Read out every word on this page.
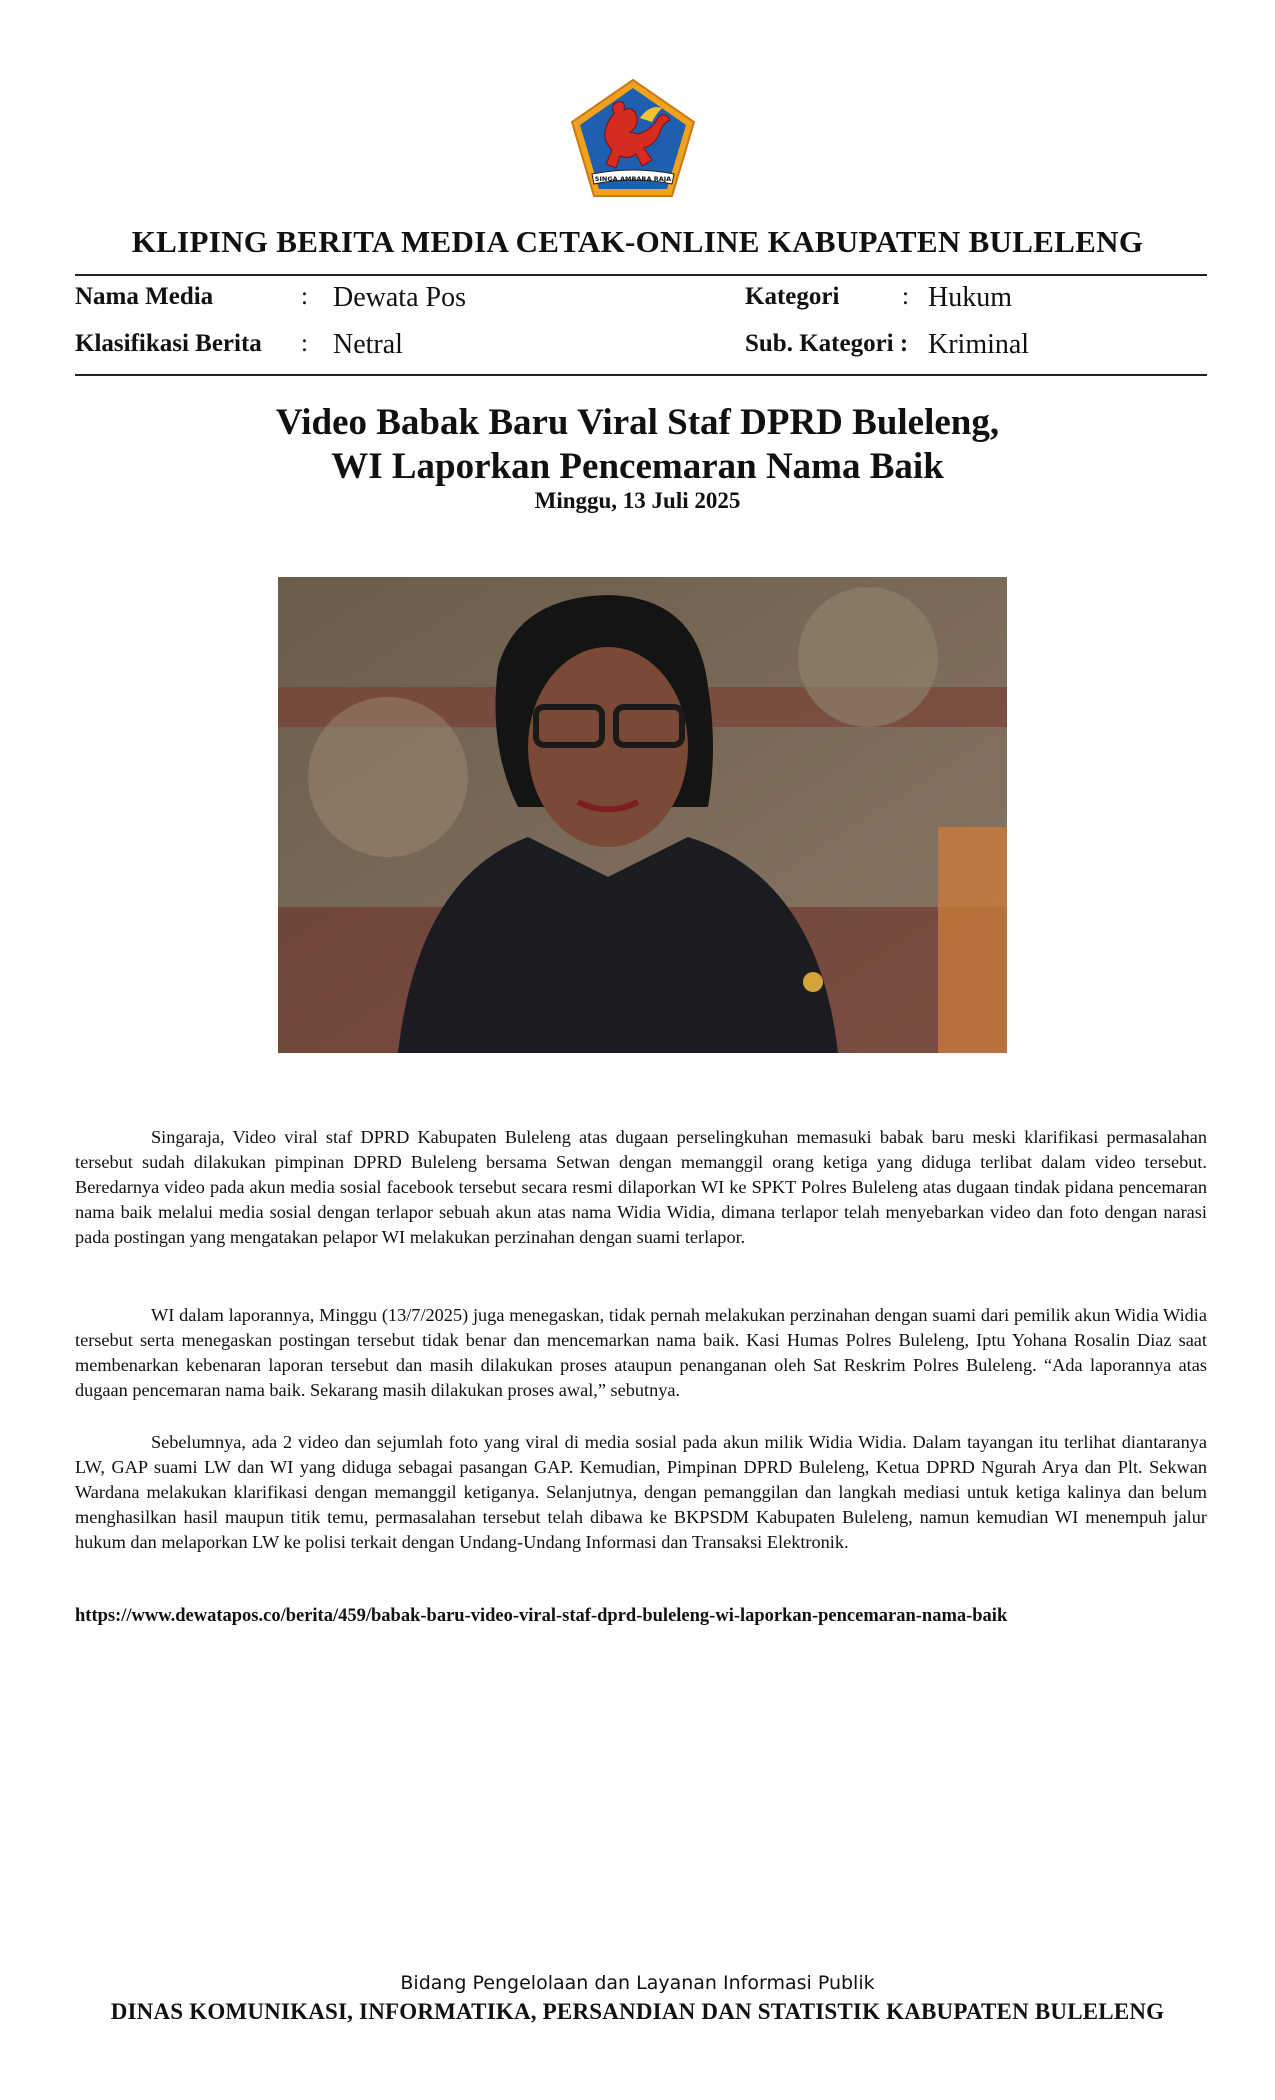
SINGA AMBARA RAJA
KLIPING BERITA MEDIA CETAK-ONLINE KABUPATEN BULELENG
Nama Media	: Dewata Pos	Kategori	: Hukum
Klasifikasi Berita : Netral	Sub. Kategori : Kriminal
Video Babak Baru Viral Staf DPRD Buleleng,
WI Laporkan Pencemaran Nama Baik
Minggu, 13 Juli 2025

Singaraja, Video viral staf DPRD Kabupaten Buleleng atas dugaan perselingkuhan memasuki babak baru meski klarifikasi permasalahan tersebut sudah dilakukan pimpinan DPRD Buleleng bersama Setwan dengan memanggil orang ketiga yang diduga terlibat dalam video tersebut. Beredarnya video pada akun media sosial facebook tersebut secara resmi dilaporkan WI ke SPKT Polres Buleleng atas dugaan tindak pidana pencemaran nama baik melalui media sosial dengan terlapor sebuah akun atas nama Widia Widia, dimana terlapor telah menyebarkan video dan foto dengan narasi pada postingan yang mengatakan pelapor WI melakukan perzinahan dengan suami terlapor.

WI dalam laporannya, Minggu (13/7/2025) juga menegaskan, tidak pernah melakukan perzinahan dengan suami dari pemilik akun Widia Widia tersebut serta menegaskan postingan tersebut tidak benar dan mencemarkan nama baik. Kasi Humas Polres Buleleng, Iptu Yohana Rosalin Diaz saat membenarkan kebenaran laporan tersebut dan masih dilakukan proses ataupun penanganan oleh Sat Reskrim Polres Buleleng. “Ada laporannya atas dugaan pencemaran nama baik. Sekarang masih dilakukan proses awal,” sebutnya.

Sebelumnya, ada 2 video dan sejumlah foto yang viral di media sosial pada akun milik Widia Widia. Dalam tayangan itu terlihat diantaranya LW, GAP suami LW dan WI yang diduga sebagai pasangan GAP. Kemudian, Pimpinan DPRD Buleleng, Ketua DPRD Ngurah Arya dan Plt. Sekwan Wardana melakukan klarifikasi dengan memanggil ketiganya. Selanjutnya, dengan pemanggilan dan langkah mediasi untuk ketiga kalinya dan belum menghasilkan hasil maupun titik temu, permasalahan tersebut telah dibawa ke BKPSDM Kabupaten Buleleng, namun kemudian WI menempuh jalur hukum dan melaporkan LW ke polisi terkait dengan Undang-Undang Informasi dan Transaksi Elektronik.

https://www.dewatapos.co/berita/459/babak-baru-video-viral-staf-dprd-buleleng-wi-laporkan-pencemaran-nama-baik
Bidang Pengelolaan dan Layanan Informasi Publik
DINAS KOMUNIKASI, INFORMATIKA, PERSANDIAN DAN STATISTIK KABUPATEN BULELENG
